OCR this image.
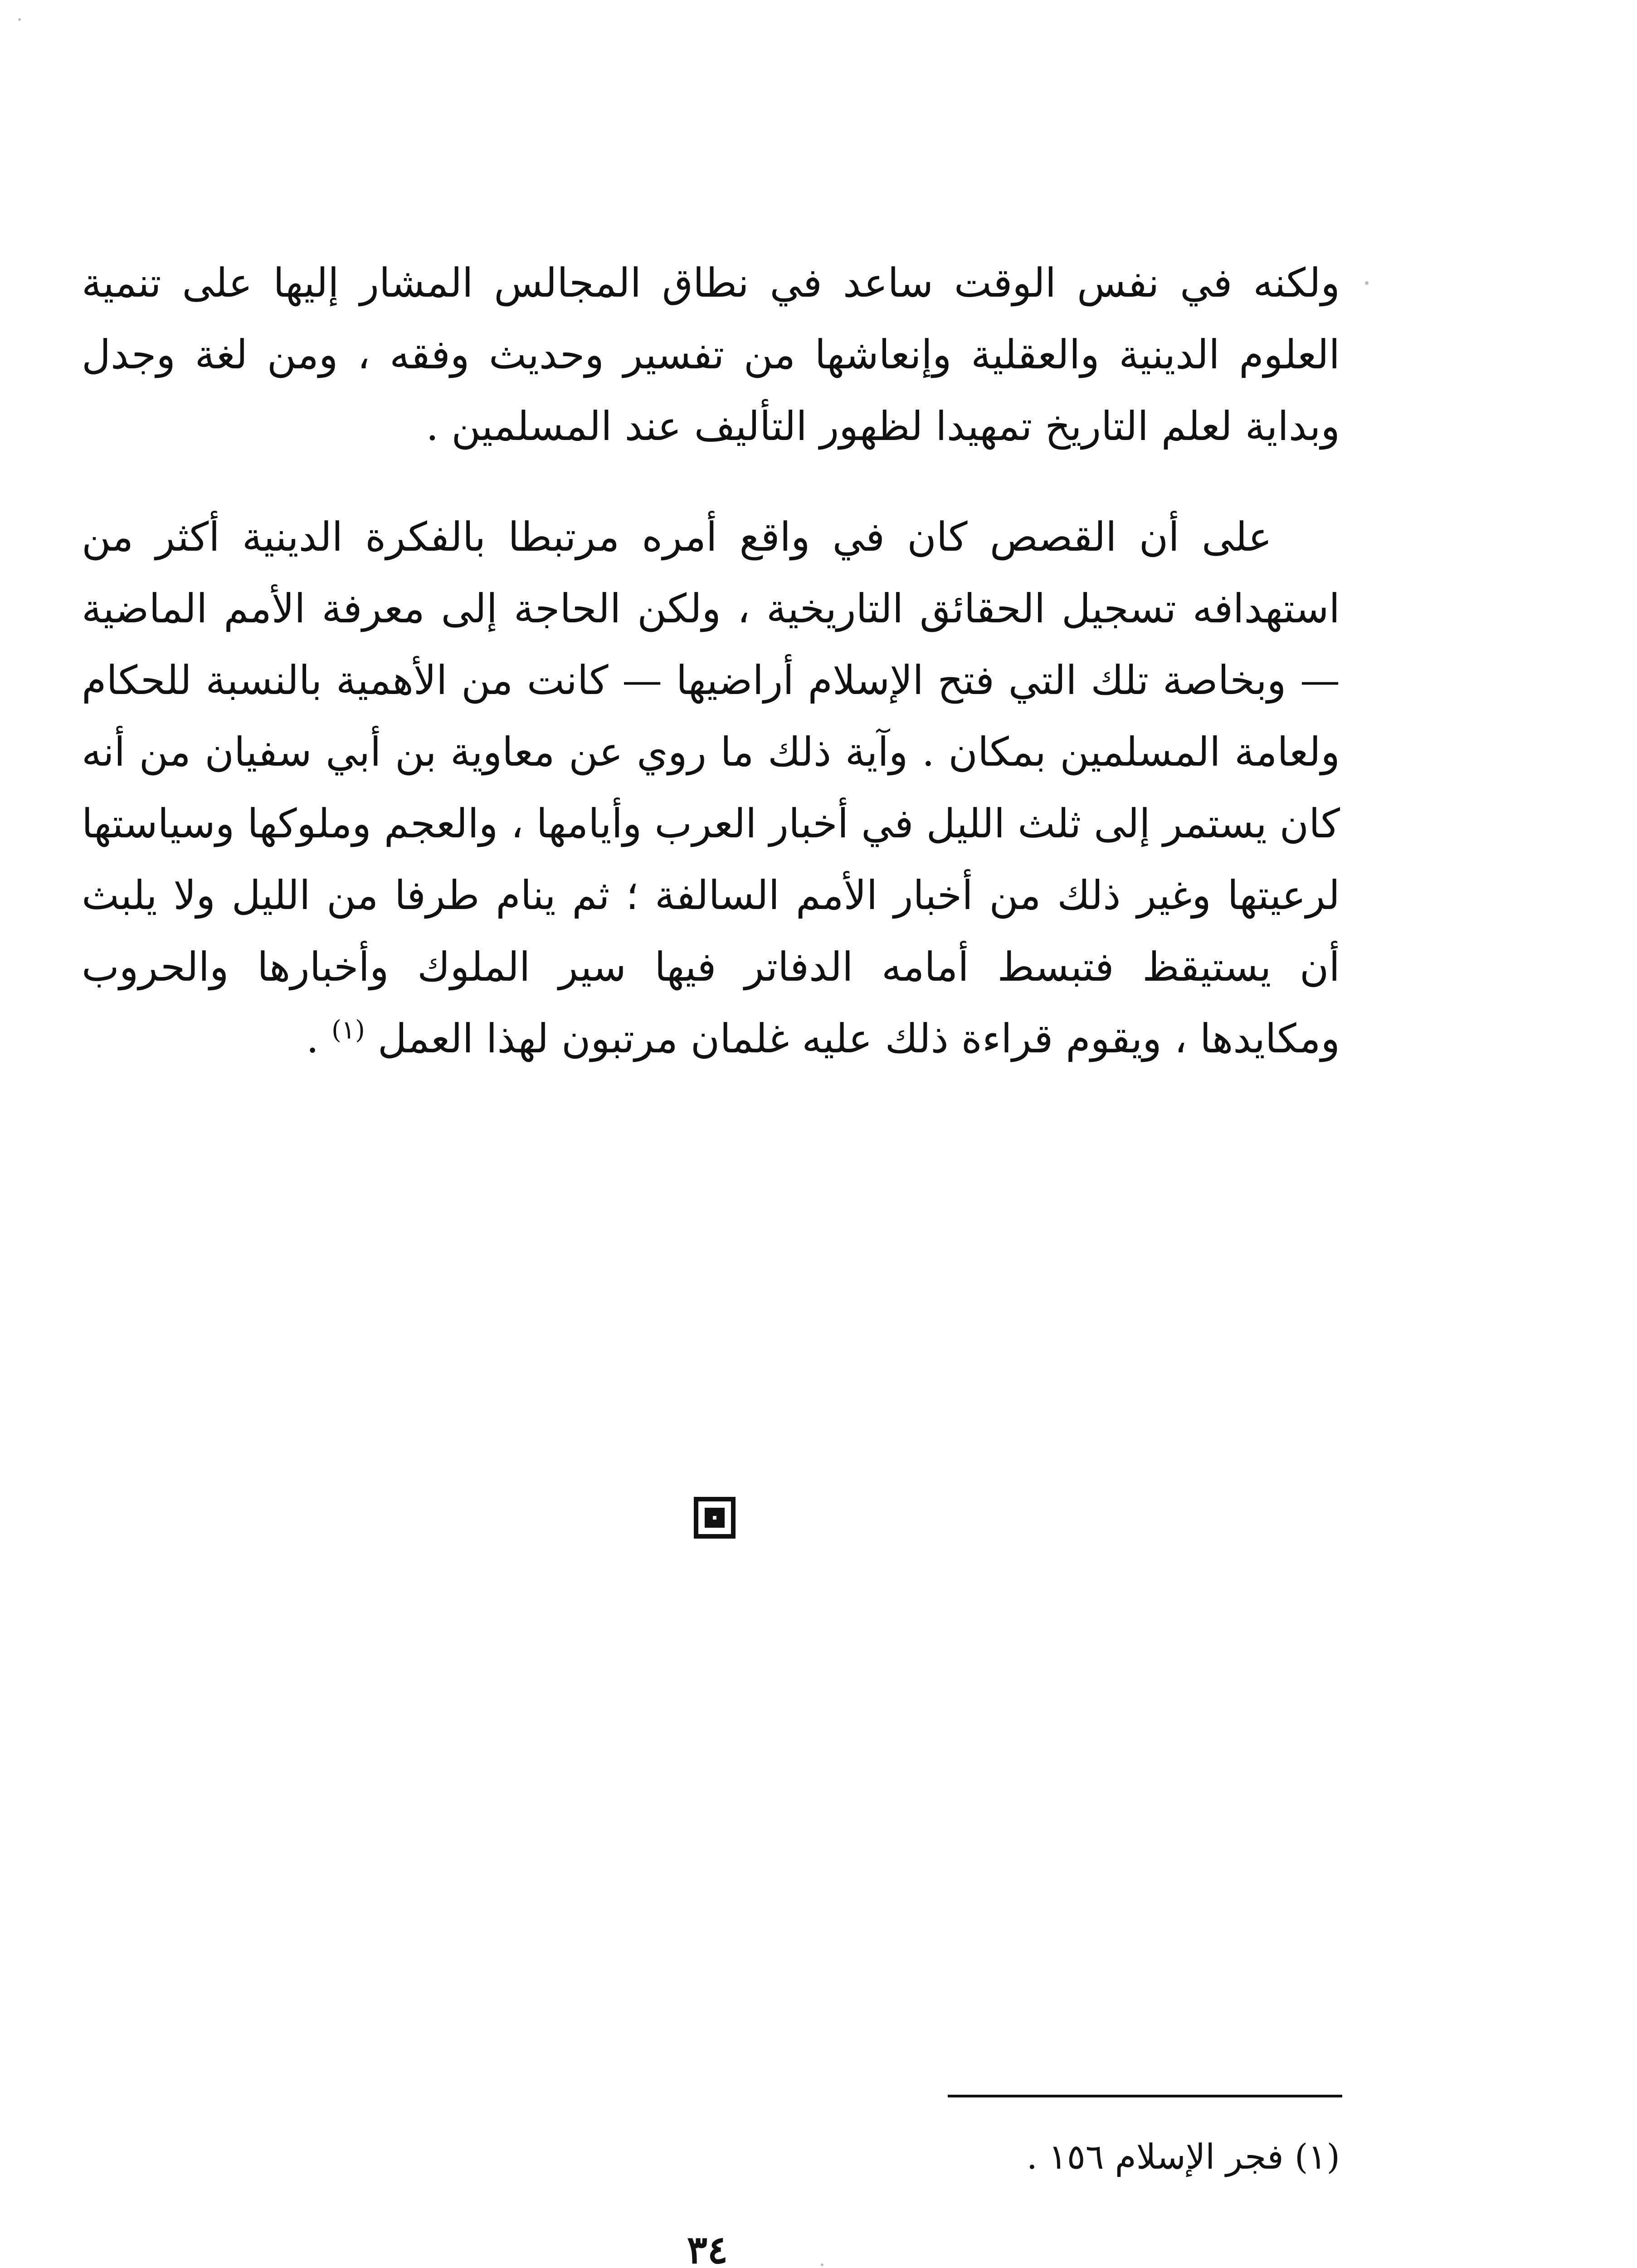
ولكنه في نفس الوقت ساعد في نطاق المجالس المشار إليها على تنمية العلوم الدينية والعقلية وإنعاشها من تفسير وحديث وفقه ، ومن لغة وجدل وبداية لعلم التاريخ تمهيدا لظهور التأليف عند المسلمين .

على أن القصص كان في واقع أمره مرتبطا بالفكرة الدينية أكثر من استهدافه تسجيل الحقائق التاريخية ، ولكن الحاجة إلى معرفة الأمم الماضية — وبخاصة تلك التي فتح الإسلام أراضيها — كانت من الأهمية بالنسبة للحكام ولعامة المسلمين بمكان . وآية ذلك ما روي عن معاوية بن أبي سفيان من أنه كان يستمر إلى ثلث الليل في أخبار العرب وأيامها ، والعجم وملوكها وسياستها لرعيتها وغير ذلك من أخبار الأمم السالفة ؛ ثم ينام طرفا من الليل ولا يلبث أن يستيقظ فتبسط أمامه الدفاتر فيها سير الملوك وأخبارها والحروب ومكايدها ، ويقوم قراءة ذلك عليه غلمان مرتبون لهذا العمل $^{(١)}$ .

(١) فجر الإسلام ١٥٦ .
٣٤
